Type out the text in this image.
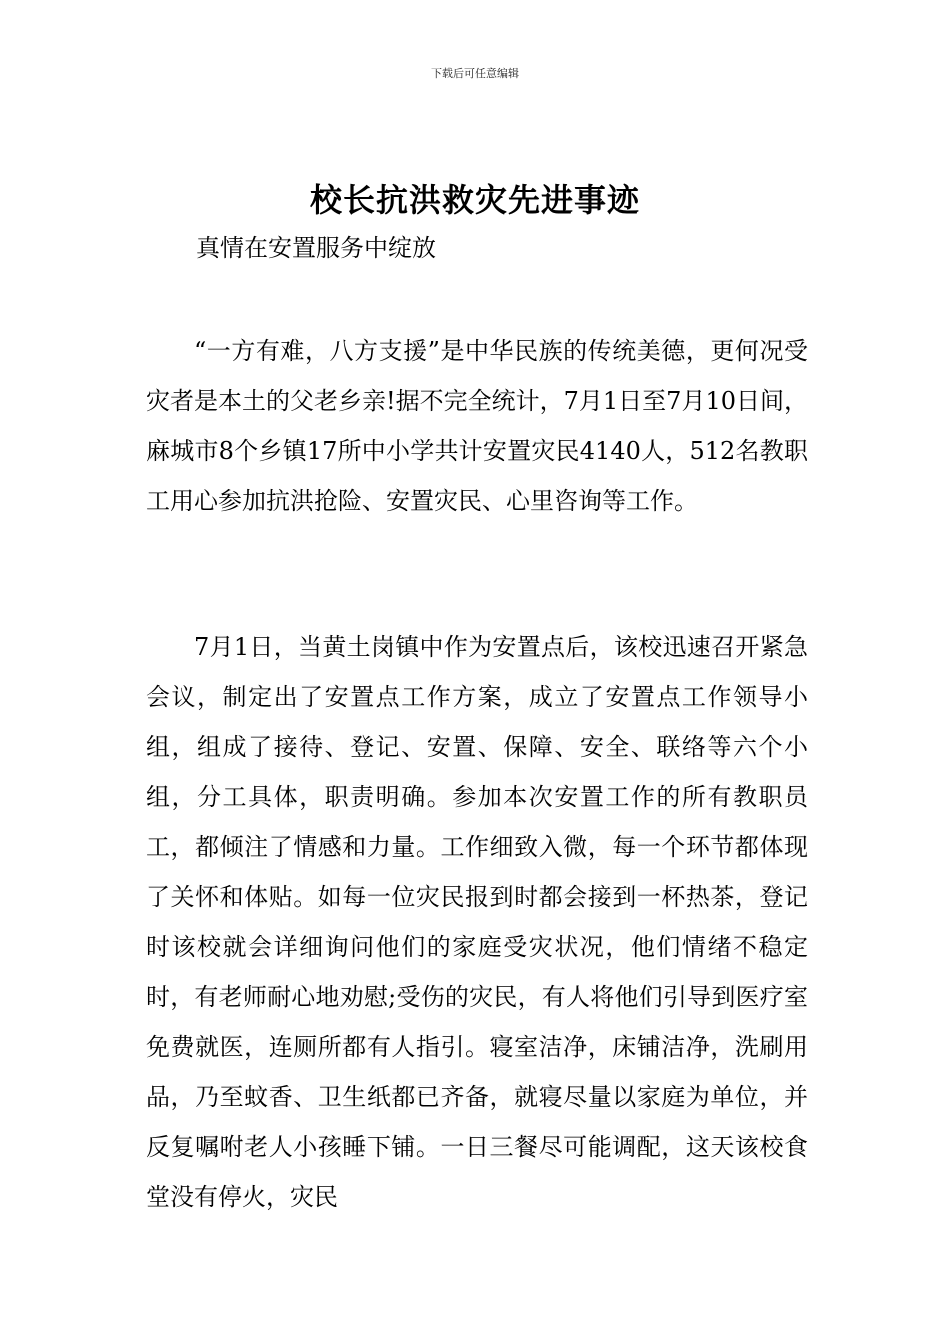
下载后可任意编辑
校长抗洪救灾先进事迹
真情在安置服务中绽放

“一方有难，八方支援”是中华民族的传统美德，更何况受灾者是本土的父老乡亲!据不完全统计，7月1日至7月10日间，麻城市8个乡镇17所中小学共计安置灾民4140人，512名教职工用心参加抗洪抢险、安置灾民、心里咨询等工作。

7月1日，当黄土岗镇中作为安置点后，该校迅速召开紧急会议，制定出了安置点工作方案，成立了安置点工作领导小组，组成了接待、登记、安置、保障、安全、联络等六个小组，分工具体，职责明确。参加本次安置工作的所有教职员工，都倾注了情感和力量。工作细致入微，每一个环节都体现了关怀和体贴。如每一位灾民报到时都会接到一杯热茶，登记时该校就会详细询问他们的家庭受灾状况，他们情绪不稳定时，有老师耐心地劝慰;受伤的灾民，有人将他们引导到医疗室免费就医，连厕所都有人指引。寝室洁净，床铺洁净，洗刷用品，乃至蚊香、卫生纸都已齐备，就寝尽量以家庭为单位，并反复嘱咐老人小孩睡下铺。一日三餐尽可能调配，这天该校食堂没有停火，灾民
